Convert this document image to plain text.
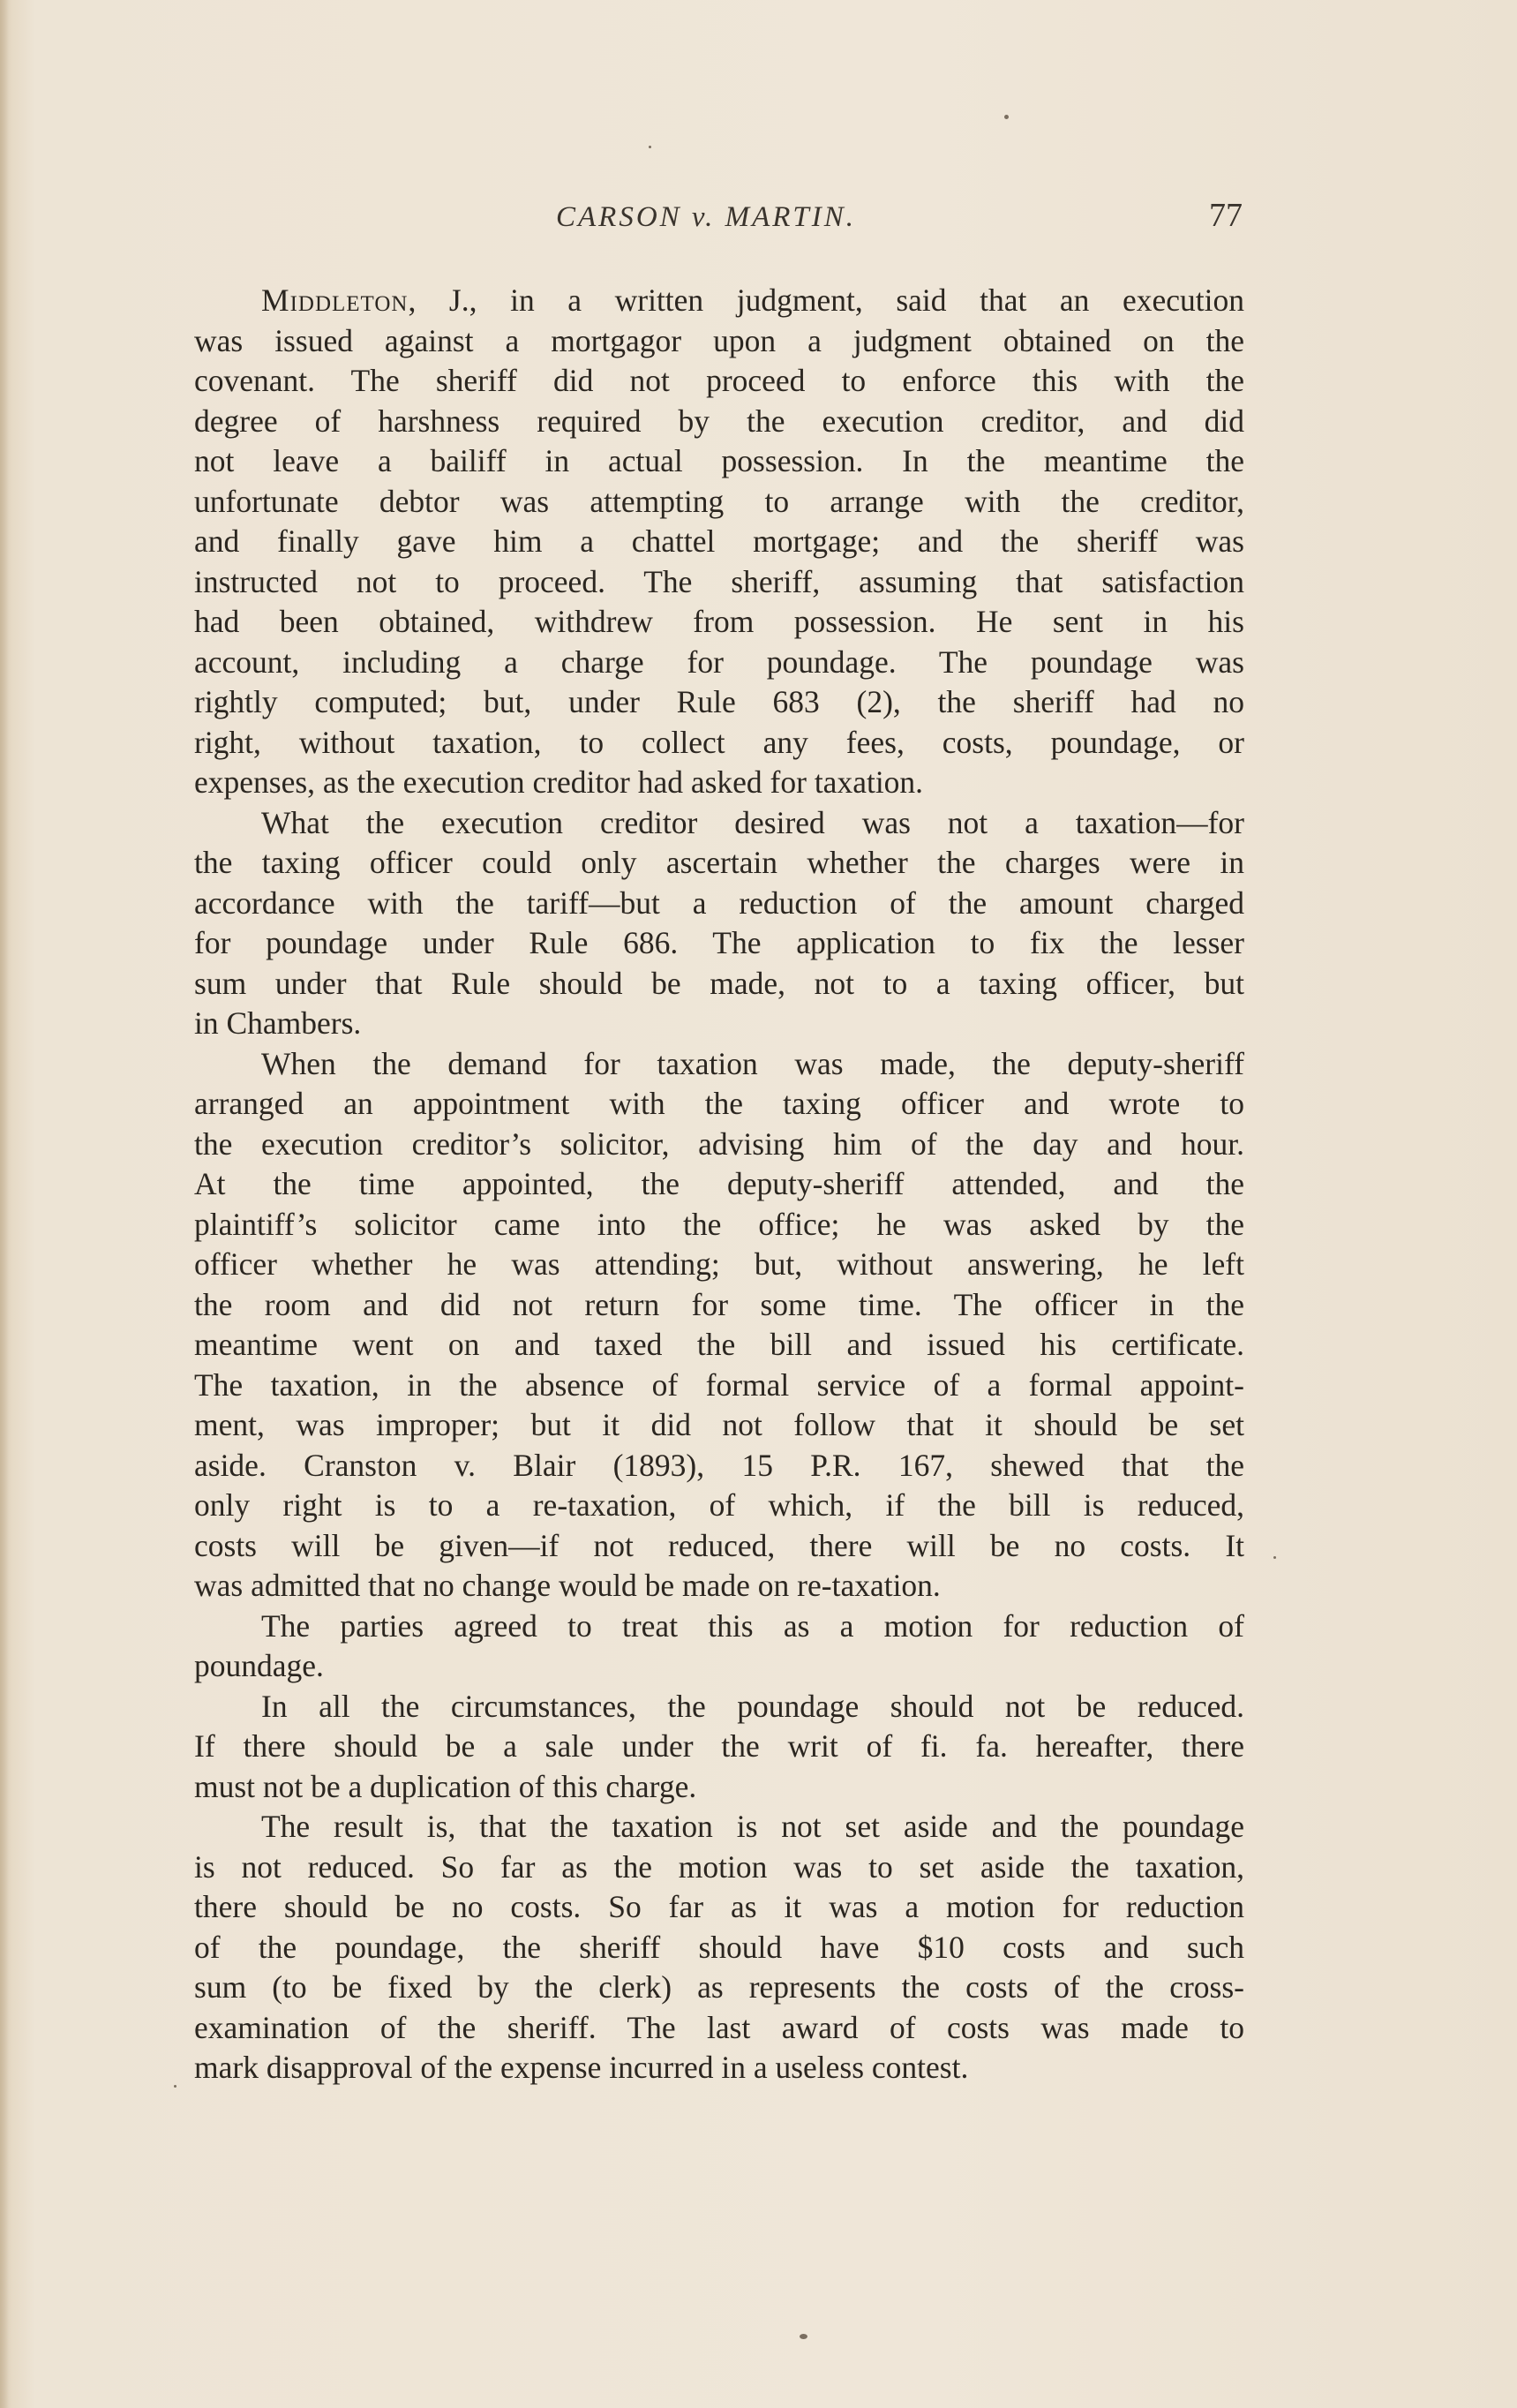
CARSON v. MARTIN.	77
Middleton, J., in a written judgment, said that an execution
was issued against a mortgagor upon a judgment obtained on the
covenant. The sheriff did not proceed to enforce this with the
degree of harshness required by the execution creditor, and did
not leave a bailiff in actual possession. In the meantime the
unfortunate debtor was attempting to arrange with the creditor,
and finally gave him a chattel mortgage; and the sheriff was
instructed not to proceed. The sheriff, assuming that satisfaction
had been obtained, withdrew from possession. He sent in his
account, including a charge for poundage. The poundage was
rightly computed; but, under Rule 683 (2), the sheriff had no
right, without taxation, to collect any fees, costs, poundage, or
expenses, as the execution creditor had asked for taxation.
What the execution creditor desired was not a taxation—for
the taxing officer could only ascertain whether the charges were in
accordance with the tariff—but a reduction of the amount charged
for poundage under Rule 686. The application to fix the lesser
sum under that Rule should be made, not to a taxing officer, but
in Chambers.
When the demand for taxation was made, the deputy-sheriff
arranged an appointment with the taxing officer and wrote to
the execution creditor’s solicitor, advising him of the day and hour.
At the time appointed, the deputy-sheriff attended, and the
plaintiff’s solicitor came into the office; he was asked by the
officer whether he was attending; but, without answering, he left
the room and did not return for some time. The officer in the
meantime went on and taxed the bill and issued his certificate.
The taxation, in the absence of formal service of a formal appoint-
ment, was improper; but it did not follow that it should be set
aside. Cranston v. Blair (1893), 15 P.R. 167, shewed that the
only right is to a re-taxation, of which, if the bill is reduced,
costs will be given—if not reduced, there will be no costs. It
was admitted that no change would be made on re-taxation.
The parties agreed to treat this as a motion for reduction of
poundage.
In all the circumstances, the poundage should not be reduced.
If there should be a sale under the writ of fi. fa. hereafter, there
must not be a duplication of this charge.
The result is, that the taxation is not set aside and the poundage
is not reduced. So far as the motion was to set aside the taxation,
there should be no costs. So far as it was a motion for reduction
of the poundage, the sheriff should have $10 costs and such
sum (to be fixed by the clerk) as represents the costs of the cross-
examination of the sheriff. The last award of costs was made to
mark disapproval of the expense incurred in a useless contest.
